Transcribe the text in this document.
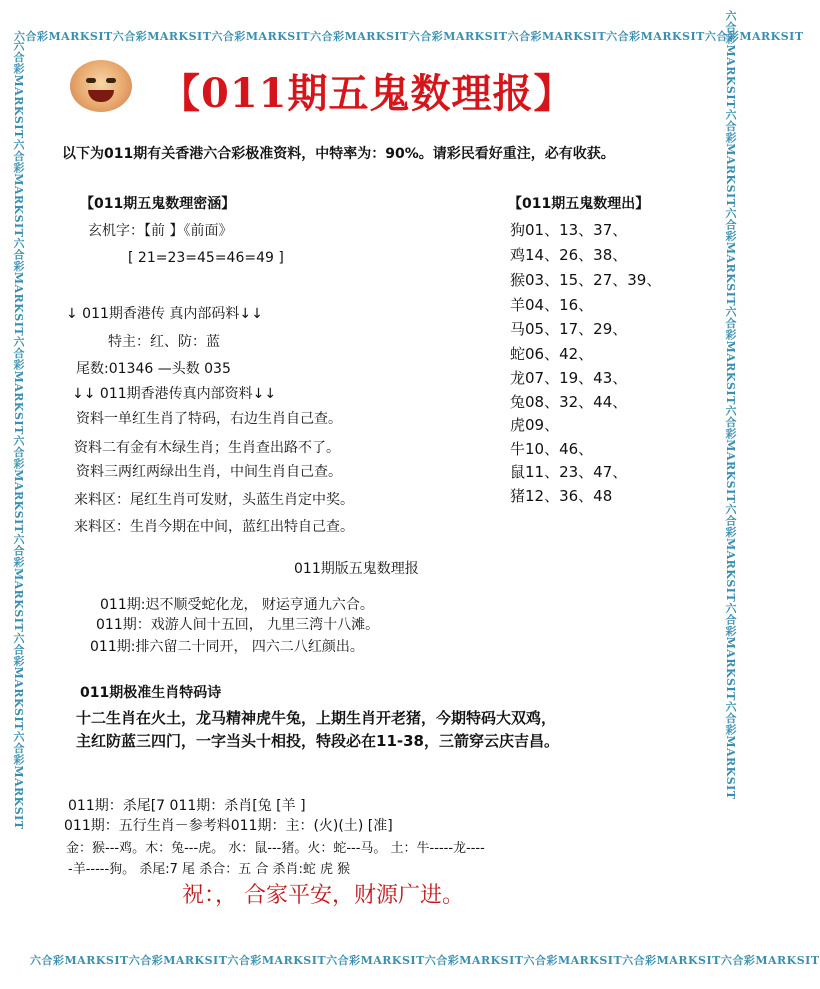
六合彩MARKSIT六合彩MARKSIT六合彩MARKSIT六合彩MARKSIT六合彩MARKSIT六合彩MARKSIT六合彩MARKSIT六合彩MARKSIT
六合彩MARKSIT六合彩MARKSIT六合彩MARKSIT六合彩MARKSIT六合彩MARKSIT六合彩MARKSIT六合彩MARKSIT六合彩MARKSIT
六合彩MARKSIT六合彩MARKSIT六合彩MARKSIT六合彩MARKSIT六合彩MARKSIT六合彩MARKSIT六合彩MARKSIT六合彩MARKSIT	六合彩MARKSIT六合彩MARKSIT六合彩MARKSIT六合彩MARKSIT六合彩MARKSIT六合彩MARKSIT六合彩MARKSIT六合彩MARKSIT
【011期五鬼数理报】
以下为011期有关香港六合彩极准资料，中特率为：90%。请彩民看好重注，必有收获。
【011期五鬼数理密涵】
玄机字：【前 】《前面》
[ 21=23=45=46=49 ]
↓ 011期香港传 真内部码料↓↓
特主：红、防：蓝
尾数:01346 —头数 035
↓↓ 011期香港传真内部资料↓↓
资料一单红生肖了特码，右边生肖自己查。
资料二有金有木绿生肖；生肖查出路不了。
资料三两红两绿出生肖，中间生肖自己查。
来料区：尾红生肖可发财，头蓝生肖定中奖。
来料区：生肖今期在中间，蓝红出特自己查。
【011期五鬼数理出】
狗01、13、37、
鸡14、26、38、
猴03、15、27、39、
羊04、16、
马05、17、29、
蛇06、42、
龙07、19、43、
兔08、32、44、
虎09、
牛10、46、
鼠11、23、47、
猪12、36、48
011期版五鬼数理报
011期:迟不顺受蛇化龙， 财运亨通九六合。
011期：戏游人间十五回， 九里三湾十八滩。
011期:排六留二十同开， 四六二八红颜出。
011期极准生肖特码诗
十二生肖在火土，龙马精神虎牛兔，上期生肖开老猪，今期特码大双鸡，
主红防蓝三四门，一字当头十相投，特段必在11-38，三箭穿云庆吉昌。
011期：杀尾[7 011期：杀肖[兔 [羊 ]
011期：五行生肖－参考料011期：主：(火)(土) [准]
金：猴---鸡。木：兔---虎。 水：鼠---猪。火：蛇---马。 土：牛-----龙----
-羊-----狗。 杀尾:7 尾 杀合：五 合 杀肖:蛇 虎 猴
祝：， 合家平安，财源广进。
